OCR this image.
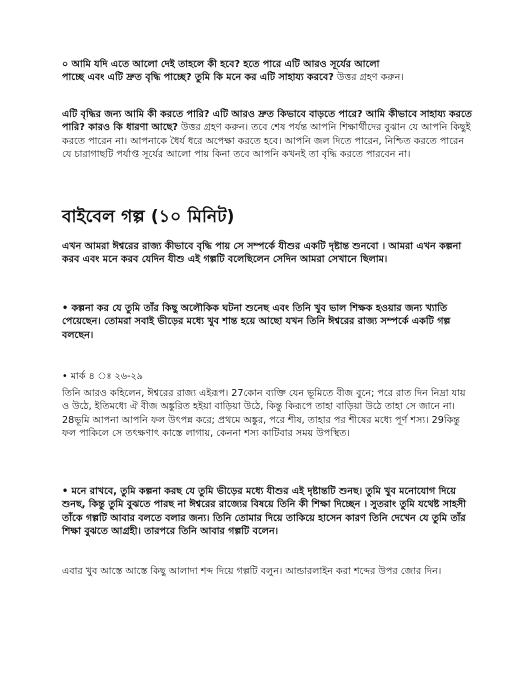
০ আমি যদি এতে আলো দেই তাহলে কী হবে? হতে পারে এটি আরও সূর্যের আলো
পাচ্ছে এবং এটি দ্রুত বৃদ্ধি পাচ্ছে? তুমি কি মনে কর এটি সাহায্য করবে? উত্তর গ্রহণ করুন।

এটি বৃদ্ধির জন্য আমি কী করতে পারি? এটি আরও দ্রুত কিভাবে বাড়তে পারে? আমি কীভাবে সাহায্য করতে পারি? কারও কি ধারণা আছে? উত্তর গ্রহণ করুন। তবে শেষ পর্যন্ত আপনি শিক্ষার্থীদের বুঝান যে আপনি কিছুই করতে পারেন না। আপনাকে ধৈর্য ধরে অপেক্ষা করতে হবে। আপনি জল দিতে পারেন, নিশ্চিত করতে পারেন যে চারাগাছটি পর্যাপ্ত সূর্যের আলো পায় কিনা তবে আপনি কখনই তা বৃদ্ধি করতে পারবেন না।

বাইবেল গল্প (১০ মিনিট)

এখন আমরা ঈশ্বরের রাজ্য কীভাবে বৃদ্ধি পায় সে সম্পর্কে যীশুর একটি দৃষ্টান্ত শুনবো । আমরা এখন কল্পনা করব এবং মনে করব যেদিন যীশু এই গল্পটি বলেছিলেন সেদিন আমরা সেখানে ছিলাম।

• কল্পনা কর যে তুমি তাঁর কিছু অলৌকিক ঘটনা শুনেছ এবং তিনি খুব ভাল শিক্ষক হওয়ার জন্য খ্যাতি পেয়েছেন। তোমরা সবাই ভীড়ের মধ্যে খুব শান্ত হয়ে আছো যখন তিনি ঈশ্বরের রাজ্য সম্পর্কে একটি গল্প বলছেন।

• মার্ক ৪ ঃ ২৬-২৯

তিনি আরও কহিলেন, ঈশ্বরের রাজ্য এইরূপ। 27কোন ব্যক্তি যেন ভূমিতে বীজ বুনে; পরে রাত দিন নিদ্রা যায় ও উঠে, ইতিমধ্যে ঐ বীজ অঙ্কুরিত হইয়া বাড়িয়া উঠে, কিন্তু কিরূপে তাহা বাড়িয়া উঠে তাহা সে জানে না। 28ভূমি আপনা আপনি ফল উৎপন্ন করে; প্রথমে অঙ্কুর, পরে শীষ, তাহার পর শীষের মধ্যে পূর্ণ শস্য। 29কিন্তু ফল পাকিলে সে তৎক্ষণাৎ কাস্তে লাগায়, কেননা শস্য কাটিবার সময় উপস্থিত।

• মনে রাখবে, তুমি কল্পনা করছ যে তুমি ভীড়ের মধ্যে যীশুর এই দৃষ্টান্তটি শুনছ। তুমি খুব মনোযোগ দিয়ে শুনছ, কিন্তু তুমি বুঝতে পারছ না ঈশ্বরের রাজ্যের বিষয়ে তিনি কী শিক্ষা দিচ্ছেন । সুতরাং তুমি যথেষ্ট সাহসী তাঁকে গল্পটি আবার বলতে বলার জন্য। তিনি তোমার দিয়ে তাকিয়ে হাসেন কারণ তিনি দেখেন যে তুমি তাঁর শিক্ষা বুঝতে আগ্রহী। তারপরে তিনি আবার গল্পটি বলেন।

এবার খুব আস্তে আস্তে কিছু আলাদা শব্দ দিয়ে গল্পটি বলুন। আন্ডারলাইন করা শব্দের উপর জোর দিন।
